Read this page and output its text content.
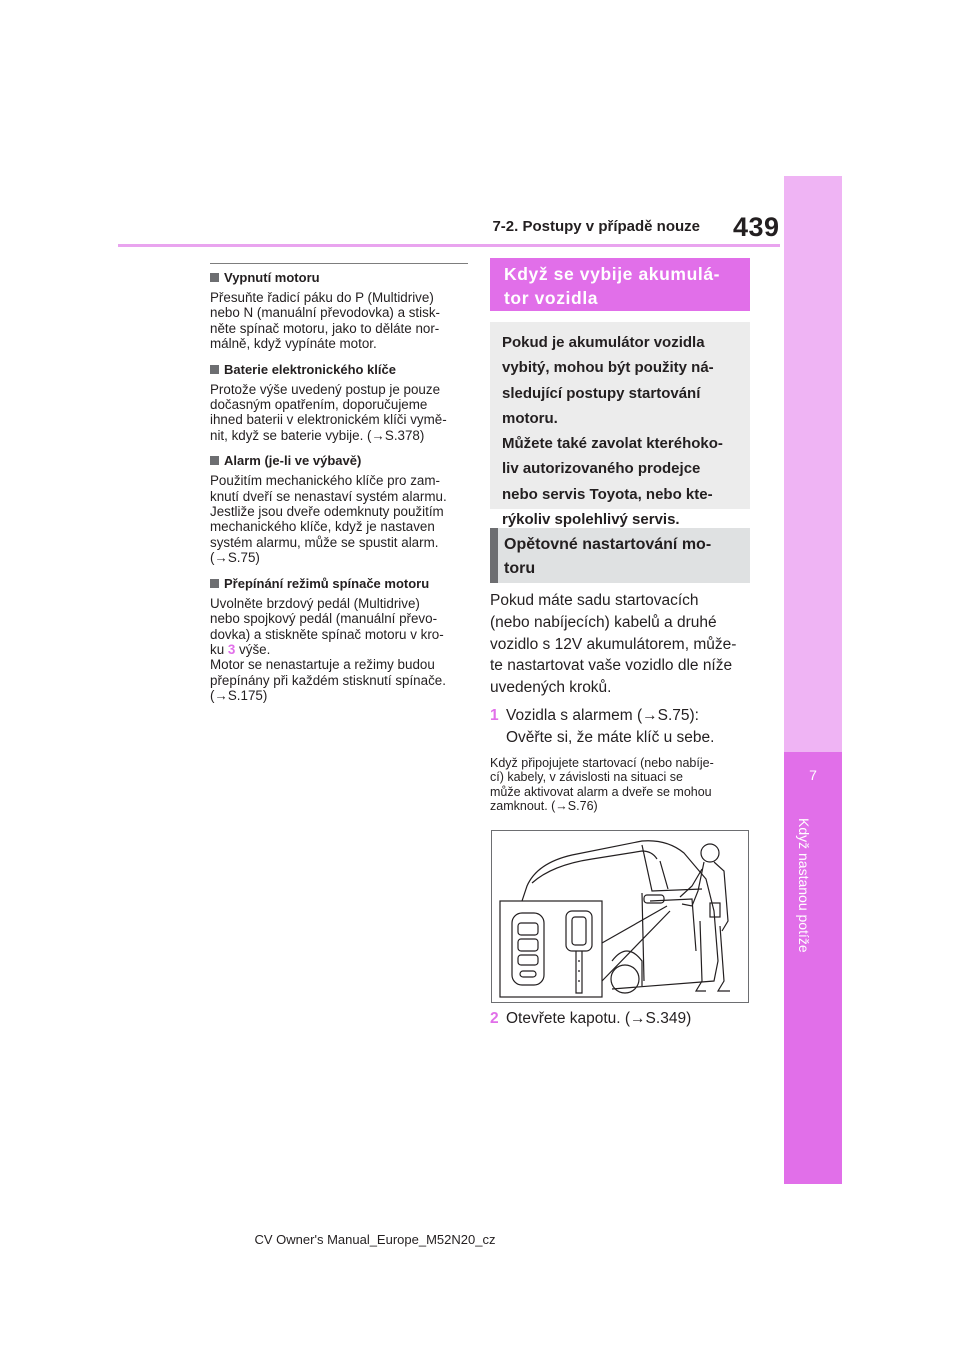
7
Když nastanou potíže
7-2. Postupy v případě nouze 439
Vypnutí motoru
Přesuňte řadicí páku do P (Multidrive)
nebo N (manuální převodovka) a stisk-
něte spínač motoru, jako to děláte nor-
málně, když vypínáte motor.
Baterie elektronického klíče
Protože výše uvedený postup je pouze
dočasným opatřením, doporučujeme
ihned baterii v elektronickém klíči vymě-
nit, když se baterie vybije. (→S.378)
Alarm (je-li ve výbavě)
Použitím mechanického klíče pro zam-
knutí dveří se nenastaví systém alarmu.
Jestliže jsou dveře odemknuty použitím
mechanického klíče, když je nastaven
systém alarmu, může se spustit alarm.
(→S.75)
Přepínání režimů spínače motoru
Uvolněte brzdový pedál (Multidrive)
nebo spojkový pedál (manuální převo-
dovka) a stiskněte spínač motoru v kro-
ku 3 výše.
Motor se nenastartuje a režimy budou
přepínány při každém stisknutí spínače.
(→S.175)
Když se vybije akumulá-
tor vozidla
Pokud je akumulátor vozidla
vybitý, mohou být použity ná-
sledující postupy startování
motoru.
Můžete také zavolat kteréhoko-
liv autorizovaného prodejce
nebo servis Toyota, nebo kte-
rýkoliv spolehlivý servis.
Opětovné nastartování mo-
toru
Pokud máte sadu startovacích
(nebo nabíjecích) kabelů a druhé
vozidlo s 12V akumulátorem, může-
te nastartovat vaše vozidlo dle níže
uvedených kroků.
1 Vozidla s alarmem (→S.75):
Ověřte si, že máte klíč u sebe.
Když připojujete startovací (nebo nabíje-
cí) kabely, v závislosti na situaci se
může aktivovat alarm a dveře se mohou
zamknout. (→S.76)
2 Otevřete kapotu. (→S.349)
CV Owner's Manual_Europe_M52N20_cz
